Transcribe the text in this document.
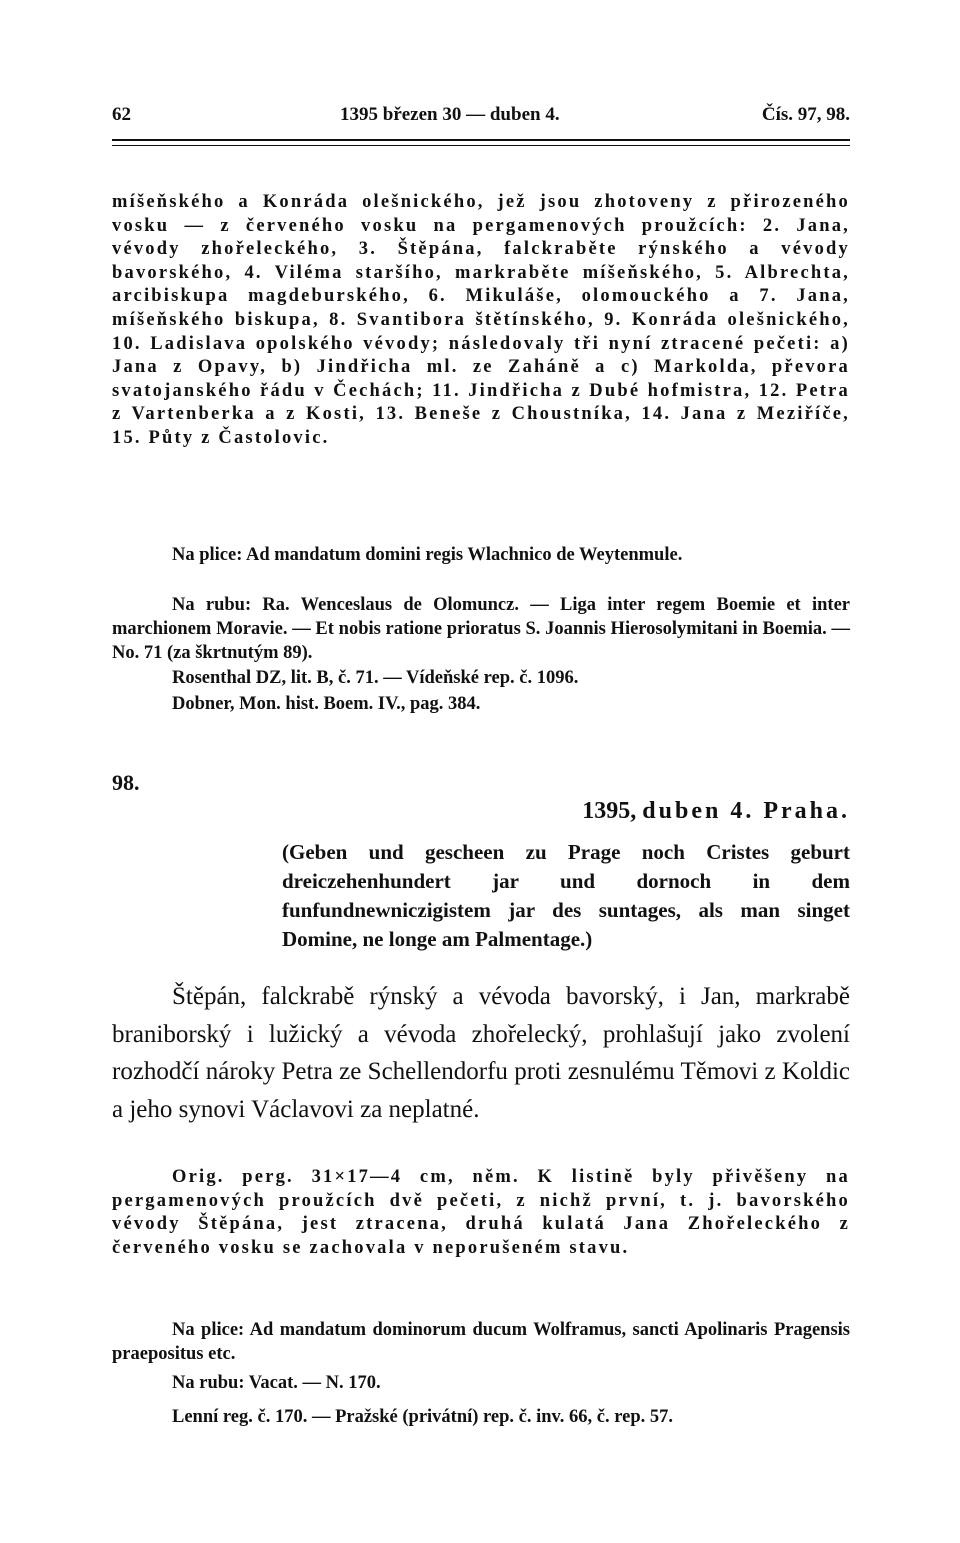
62	1395 březen 30 — duben 4.	Čís. 97, 98.

míšeňského a Konráda olešnického, jež jsou zhotoveny z přirozeného vosku — z červeného vosku na pergamenových proužcích: 2. Jana, vévody zhořeleckého, 3. Štěpána, falckraběte rýnského a vévody bavorského, 4. Viléma staršího, markraběte míšeňského, 5. Albrechta, arcibiskupa magdeburského, 6. Mikuláše, olomouckého a 7. Jana, míšeňského biskupa, 8. Svantibora štětínského, 9. Konráda olešnického, 10. Ladislava opolského vévody; následovaly tři nyní ztracené pečeti: a) Jana z Opavy, b) Jindřicha ml. ze Zaháně a c) Markolda, převora svatojanského řádu v Čechách; 11. Jindřicha z Dubé hofmistra, 12. Petra z Vartenberka a z Kosti, 13. Beneše z Choustníka, 14. Jana z Meziříče, 15. Půty z Častolovic.

Na plice: Ad mandatum domini regis Wlachnico de Weytenmule.

Na rubu: Ra. Wenceslaus de Olomuncz. — Liga inter regem Boemie et inter marchionem Moravie. — Et nobis ratione prioratus S. Joannis Hierosolymitani in Boemia. — No. 71 (za škrtnutým 89).

Rosenthal DZ, lit. B, č. 71. — Vídeňské rep. č. 1096.

Dobner, Mon. hist. Boem. IV., pag. 384.

98.
1395, duben 4. Praha.

(Geben und gescheen zu Prage noch Cristes geburt dreiczehenhundert jar und dornoch in dem funfundnewniczigistem jar des suntages, als man singet Domine, ne longe am Palmentage.)

Štěpán, falckrabě rýnský a vévoda bavorský, i Jan, markrabě braniborský i lužický a vévoda zhořelecký, prohlašují jako zvolení rozhodčí nároky Petra ze Schellendorfu proti zesnulému Těmovi z Koldic a jeho synovi Václavovi za neplatné.

Orig. perg. 31×17—4 cm, něm. K listině byly přivěšeny na pergamenových proužcích dvě pečeti, z nichž první, t. j. bavorského vévody Štěpána, jest ztracena, druhá kulatá Jana Zhořeleckého z červeného vosku se zachovala v neporušeném stavu.

Na plice: Ad mandatum dominorum ducum Wolframus, sancti Apolinaris Pragensis praepositus etc.

Na rubu: Vacat. — N. 170.

Lenní reg. č. 170. — Pražské (privátní) rep. č. inv. 66, č. rep. 57.
